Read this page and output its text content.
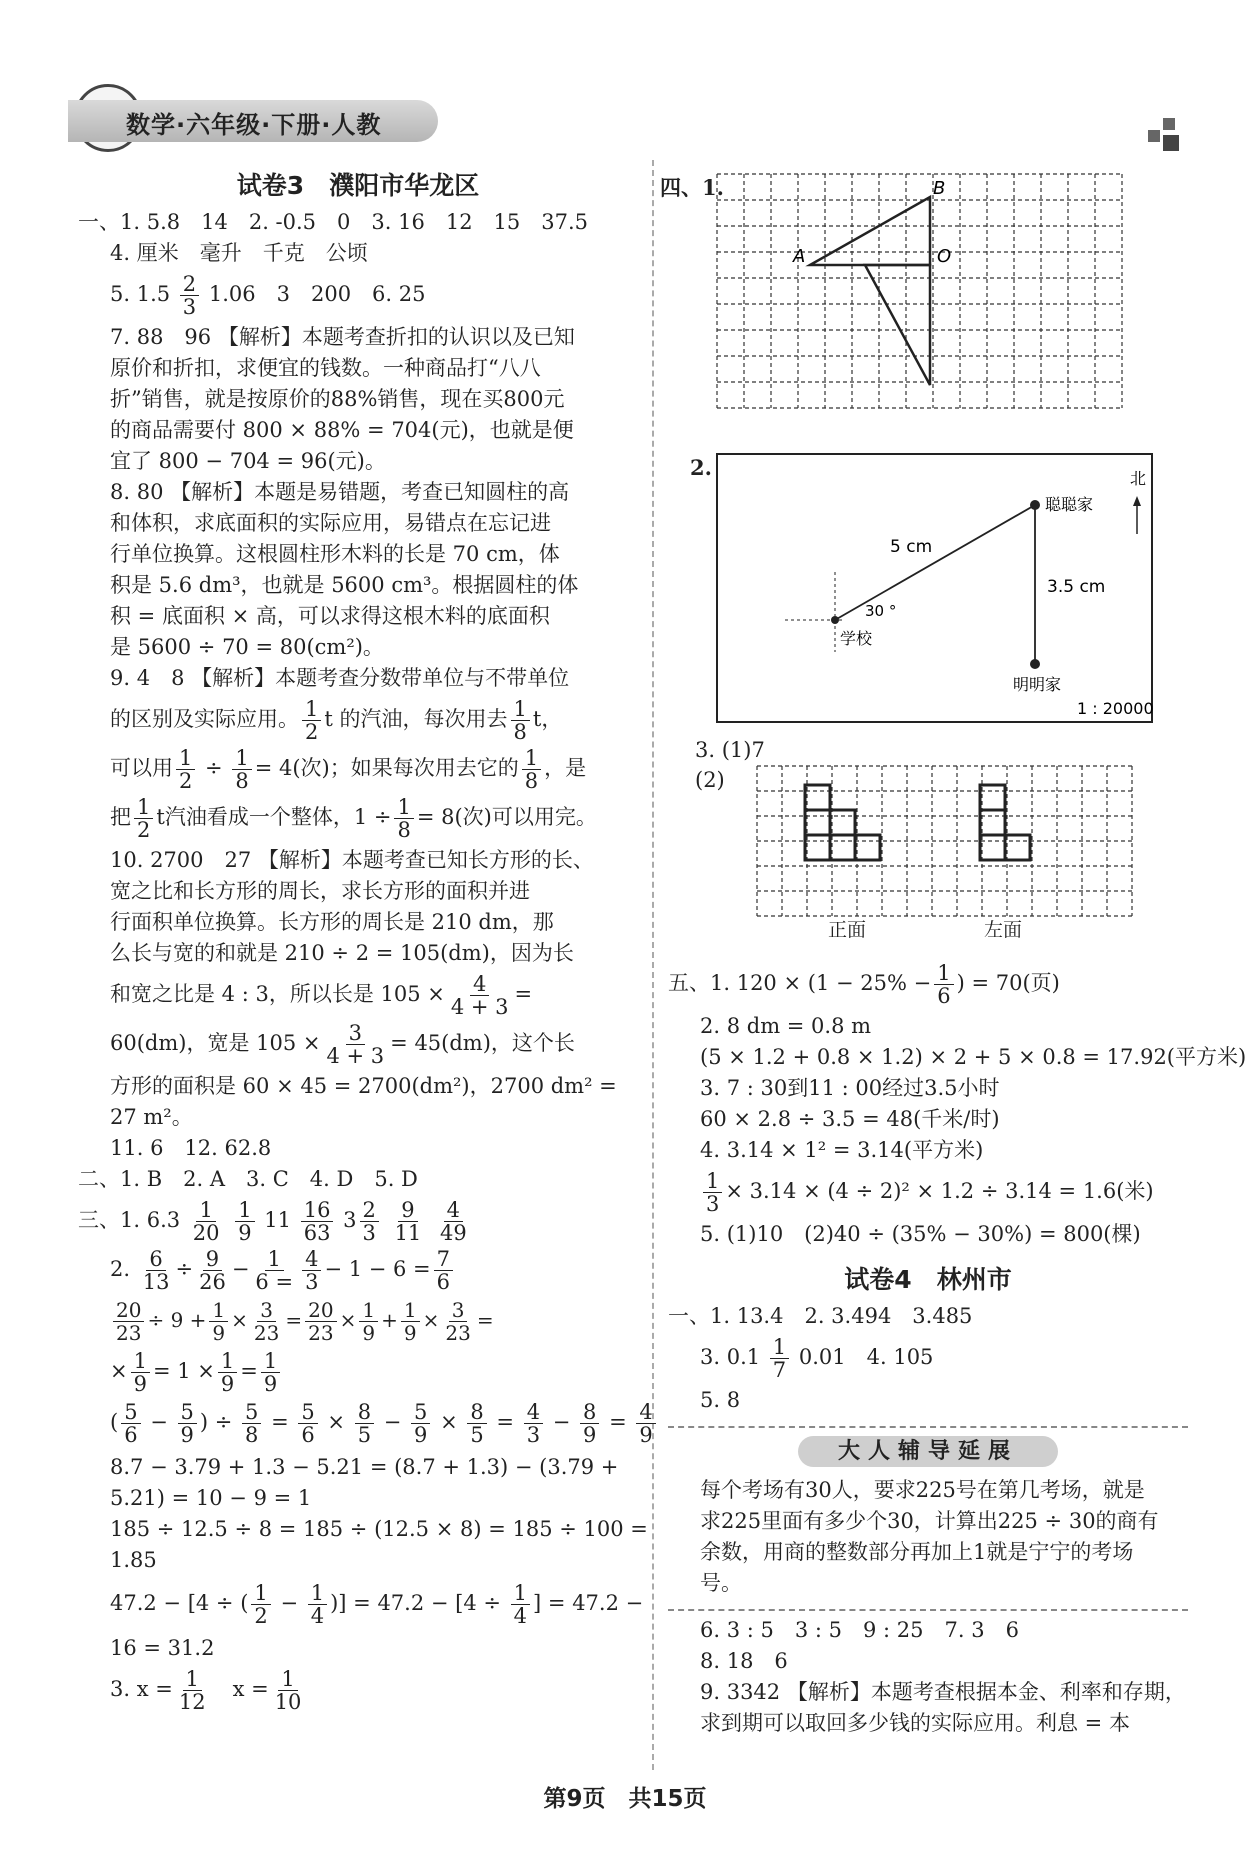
数学·六年级·下册·人教
试卷3　濮阳市华龙区
一、1. 5.8　14　2. -0.5　0　3. 16　12　15　37.5
4. 厘米　毫升　千克　公顷
5. $1.5 \frac{2}{3} 1.06$　3　200　6. 25
7. 88　96 【解析】本题考查折扣的认识以及已知
原价和折扣，求便宜的钱数。一种商品打“八八
折”销售，就是按原价的88%销售，现在买800元
的商品需要付 800 × 88% = 704(元)，也就是便
宜了 800 − 704 = 96(元)。
8. 80 【解析】本题是易错题，考查已知圆柱的高
和体积，求底面积的实际应用，易错点在忘记进
行单位换算。这根圆柱形木料的长是 70 cm，体
积是 5.6 dm³，也就是 5600 cm³。根据圆柱的体
积 = 底面积 × 高，可以求得这根木料的底面积
是 5600 ÷ 70 = 80(cm²)。
9. 4　8 【解析】本题考查分数带单位与不带单位
的区别及实际应用。 $\frac{1}{2}$ t 的汽油，每次用去 $\frac{1}{8}$ t，
可以用 $\frac{1}{2} \div \frac{1}{8} = 4$(次)；如果每次用去它的 $\frac{1}{8}$ ，是
把 $\frac{1}{2}$ t汽油看成一个整体，$1 \div \frac{1}{8} = 8$(次)可以用完。
10. 2700　27 【解析】本题考查已知长方形的长、
宽之比和长方形的周长，求长方形的面积并进
行面积单位换算。长方形的周长是 210 dm，那
么长与宽的和就是 210 ÷ 2 = 105(dm)，因为长
和宽之比是 4 : 3，所以长是 $105 \times \frac{4}{4 + 3}$ =
60(dm)，宽是 $105 \times \frac{3}{4 + 3} = 45(dm)$，这个长
方形的面积是 60 × 45 = 2700(dm²)，2700 dm² =
27 m²。
11. 6　12. 62.8
二、1. B　2. A　3. C　4. D　5. D
三、1. $6.3 \frac{1}{20}$
$\frac{1}{9} 11 \frac{16}{63} 3 \frac{2}{3}$
$\frac{9}{11}$
$\frac{4}{49}$
2. $\frac{6}{13} \div \frac{9}{26} - \frac{1}{6 =} \frac{4}{3} - 1 - 6 = \frac{7}{6}$
$\frac{20}{23} \div 9 + \frac{1}{9} \times \frac{3}{23} = \frac{20}{23} \times \frac{1}{9} + \frac{1}{9} \times \frac{3}{23}$ =
× $\frac{1}{9} = 1 \times \frac{1}{9} = \frac{1}{9}$
( $\frac{5}{6} - \frac{5}{9}$ ) ÷ $\frac{5}{8} = \frac{5}{6} \times \frac{8}{5} - \frac{5}{9} \times \frac{8}{5} = \frac{4}{3} - \frac{8}{9} = \frac{4}{9}$
8.7 − 3.79 + 1.3 − 5.21 = (8.7 + 1.3) − (3.79 +
5.21) = 10 − 9 = 1
185 ÷ 12.5 ÷ 8 = 185 ÷ (12.5 × 8) = 185 ÷ 100 =
1.85
47.2 − [4 ÷ ( $\frac{1}{2} - \frac{1}{4}$ )] = $47.2 - [4 \div \frac{1}{4}$ ] = 47.2 −
16 = 31.2
3. $x = \frac{1}{12}$
　 $x = \frac{1}{10}$
四、1.
A
B
O
2.
聪聪家
学校
明明家
5 cm
3.5 cm
30 °
北
1 : 20000
3. (1)7
(2)
正面	左面
五、1. $120 \times (1 - 25\% - \frac{1}{6}$ ) = 70(页)
2. 8 dm = 0.8 m
(5 × 1.2 + 0.8 × 1.2) × 2 + 5 × 0.8 = 17.92(平方米)
3. 7 : 30到11 : 00经过3.5小时
60 × 2.8 ÷ 3.5 = 48(千米/时)
4. 3.14 × 1² = 3.14(平方米)
$\frac{1}{3} \times 3.14 \times (4 \div 2)^2 \times 1.2 \div 3.14 = 1.6$(米)
5. (1)10　(2)40 ÷ (35% − 30%) = 800(棵)
试卷4　林州市
一、1. 13.4　2. 3.494　3.485
3. $0.1 \frac{1}{7} 0.01$　4. 105
5. 8
大人辅导延展
每个考场有30人，要求225号在第几考场，就是
求225里面有多少个30，计算出225 ÷ 30的商有
余数，用商的整数部分再加上1就是宁宁的考场
号。
6. 3 : 5　3 : 5　9 : 25　7. 3　6
8. 18　6
9. 3342 【解析】本题考查根据本金、利率和存期，
求到期可以取回多少钱的实际应用。利息 = 本
第9页　共15页
